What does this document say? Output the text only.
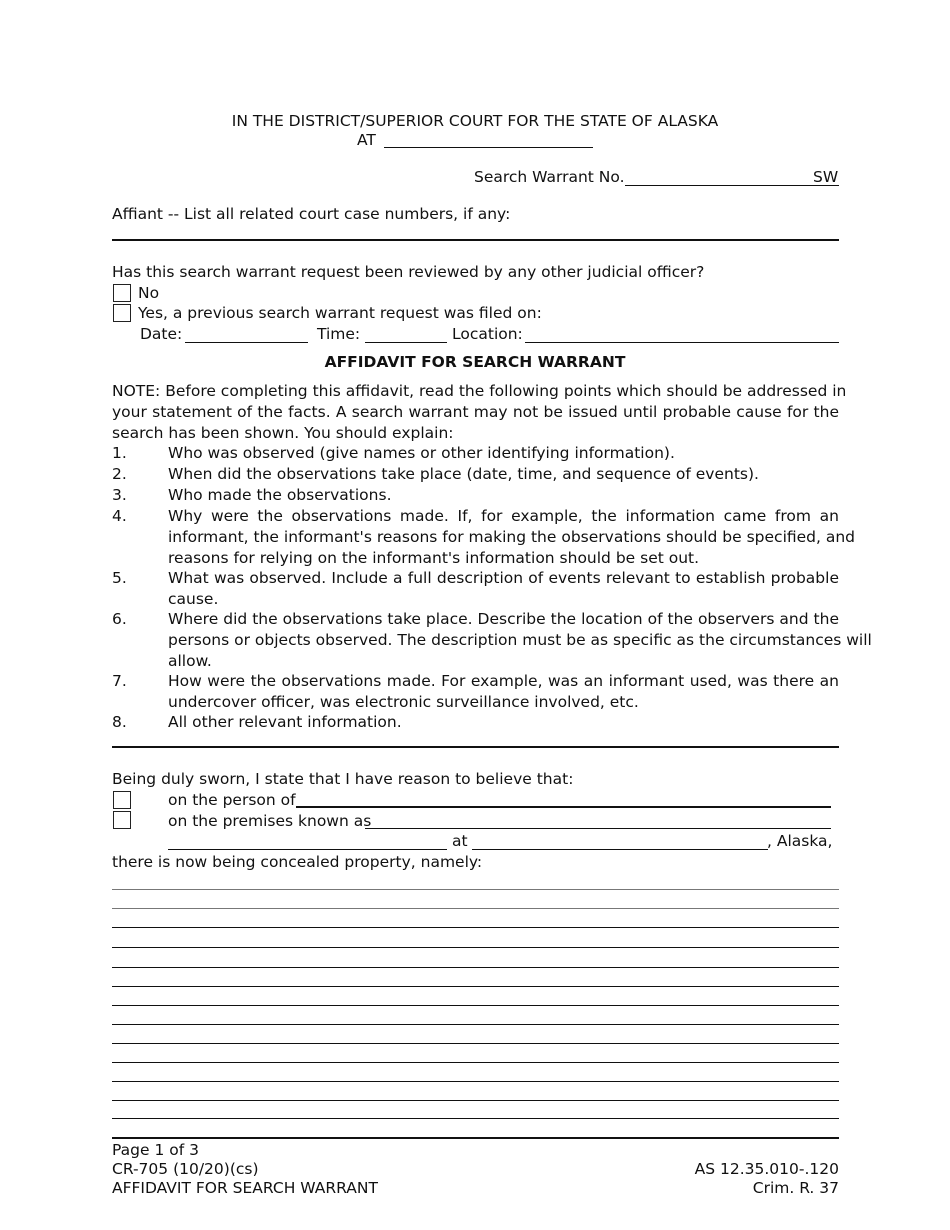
IN THE DISTRICT/SUPERIOR COURT FOR THE STATE OF ALASKA
AT
Search Warrant No.	SW
Affiant -- List all related court case numbers, if any:
Has this search warrant request been reviewed by any other judicial officer?
No
Yes, a previous search warrant request was filed on:
Date:	Time:	Location:
AFFIDAVIT FOR SEARCH WARRANT
NOTE: Before completing this affidavit, read the following points which should be addressed in
your statement of the facts. A search warrant may not be issued until probable cause for the
search has been shown. You should explain:
1.	Who was observed (give names or other identifying information).
2.	When did the observations take place (date, time, and sequence of events).
3.	Who made the observations.
4.	Why were the observations made. If, for example, the information came from an
informant, the informant's reasons for making the observations should be specified, and
reasons for relying on the informant's information should be set out.
5.	What was observed. Include a full description of events relevant to establish probable
cause.
6.	Where did the observations take place. Describe the location of the observers and the
persons or objects observed. The description must be as specific as the circumstances will
allow.
7.	How were the observations made. For example, was an informant used, was there an
undercover officer, was electronic surveillance involved, etc.
8.	All other relevant information.
Being duly sworn, I state that I have reason to believe that:
on the person of
on the premises known as
at	, Alaska,
there is now being concealed property, namely:
Page 1 of 3
CR-705 (10/20)(cs)
AFFIDAVIT FOR SEARCH WARRANT
AS 12.35.010-.120
Crim. R. 37
